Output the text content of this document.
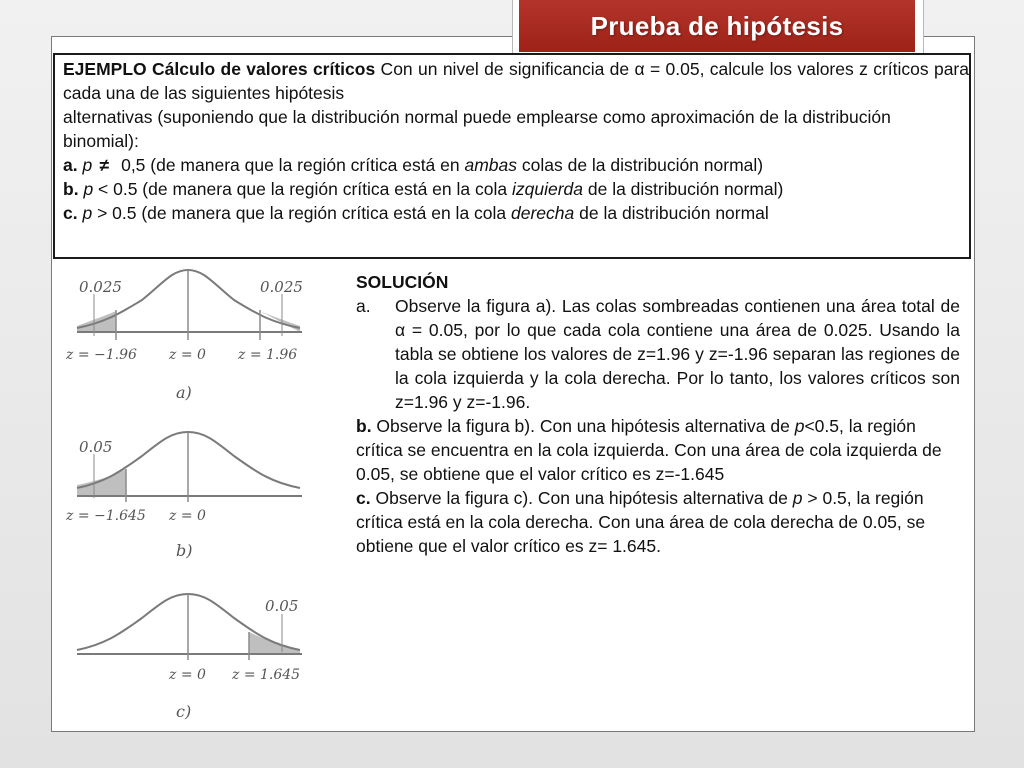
Prueba de hipótesis

EJEMPLO Cálculo de valores críticos Con un nivel de significancia de α = 0.05, calcule los valores z críticos para cada una de las siguientes hipótesis

alternativas (suponiendo que la distribución normal puede emplearse como aproximación de la distribución binomial):

a. p ≠ 0,5 (de manera que la región crítica está en ambas colas de la distribución normal)

b. p < 0.5 (de manera que la región crítica está en la cola izquierda de la distribución normal)

c. p > 0.5 (de manera que la región crítica está en la cola derecha de la distribución normal

0.025	0.025
z = −1.96 z = 0 z = 1.96
a)
0.05
z = −1.645 z = 0
b)
0.05
z = 0 z = 1.645
c)

SOLUCIÓN

a.	Observe la figura a). Las colas sombreadas contienen una área total de α = 0.05, por lo que cada cola contiene una área de 0.025. Usando la tabla se obtiene los valores de z=1.96 y z=-1.96 separan las regiones de la cola izquierda y la cola derecha. Por lo tanto, los valores críticos son z=1.96 y z=-1.96.

b. Observe la figura b). Con una hipótesis alternativa de p<0.5, la región crítica se encuentra en la cola izquierda. Con una área de cola izquierda de 0.05, se obtiene que el valor crítico es z=-1.645

c. Observe la figura c). Con una hipótesis alternativa de p > 0.5, la región crítica está en la cola derecha. Con una área de cola derecha de 0.05, se obtiene que el valor crítico es z= 1.645.
